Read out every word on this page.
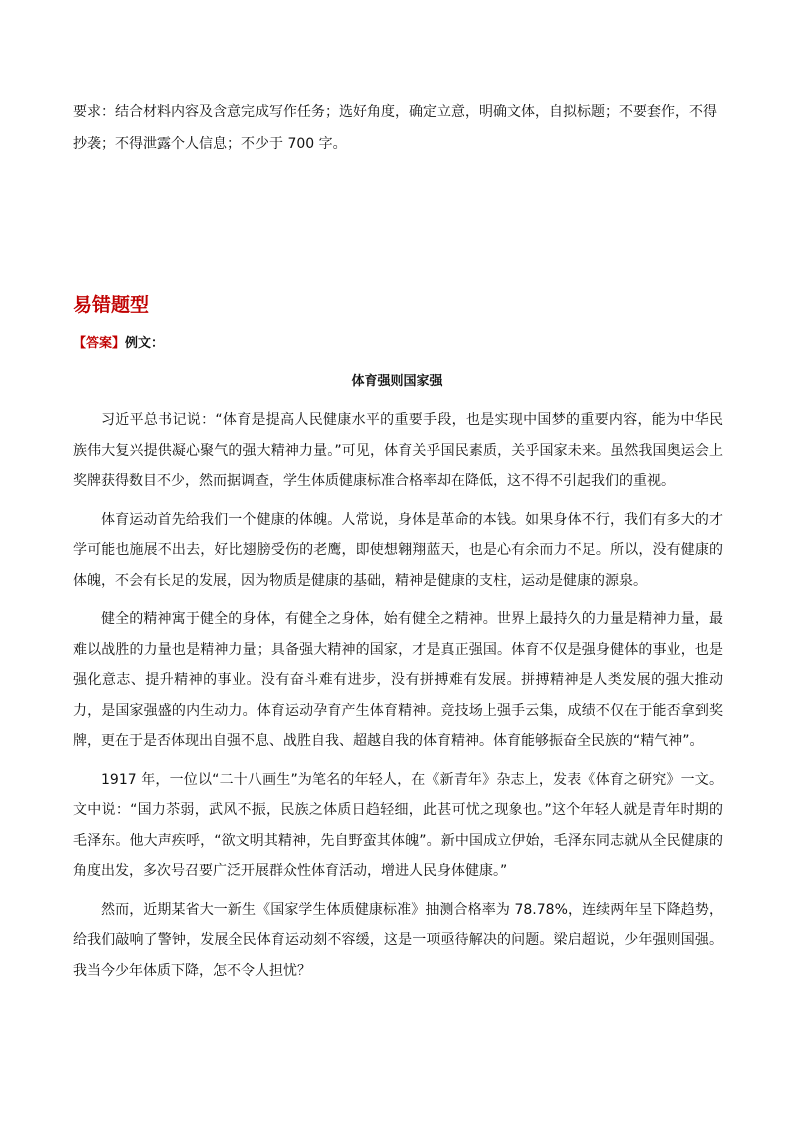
要求：结合材料内容及含意完成写作任务；选好角度，确定立意，明确文体，自拟标题；不要套作，不得抄袭；不得泄露个人信息；不少于 700 字。

易错题型

【答案】例文：

体育强则国家强

习近平总书记说：“体育是提高人民健康水平的重要手段，也是实现中国梦的重要内容，能为中华民族伟大复兴提供凝心聚气的强大精神力量。”可见，体育关乎国民素质，关乎国家未来。虽然我国奥运会上奖牌获得数目不少，然而据调查，学生体质健康标准合格率却在降低，这不得不引起我们的重视。

体育运动首先给我们一个健康的体魄。人常说，身体是革命的本钱。如果身体不行，我们有多大的才学可能也施展不出去，好比翅膀受伤的老鹰，即使想翱翔蓝天，也是心有余而力不足。所以，没有健康的体魄，不会有长足的发展，因为物质是健康的基础，精神是健康的支柱，运动是健康的源泉。

健全的精神寓于健全的身体，有健全之身体，始有健全之精神。世界上最持久的力量是精神力量，最难以战胜的力量也是精神力量；具备强大精神的国家，才是真正强国。体育不仅是强身健体的事业，也是强化意志、提升精神的事业。没有奋斗难有进步，没有拼搏难有发展。拼搏精神是人类发展的强大推动力，是国家强盛的内生动力。体育运动孕育产生体育精神。竞技场上强手云集，成绩不仅在于能否拿到奖牌，更在于是否体现出自强不息、战胜自我、超越自我的体育精神。体育能够振奋全民族的“精气神”。

1917 年，一位以“二十八画生”为笔名的年轻人，在《新青年》杂志上，发表《体育之研究》一文。文中说：“国力苶弱，武风不振，民族之体质日趋轻细，此甚可忧之现象也。”这个年轻人就是青年时期的毛泽东。他大声疾呼，“欲文明其精神，先自野蛮其体魄”。新中国成立伊始，毛泽东同志就从全民健康的角度出发，多次号召要广泛开展群众性体育活动，增进人民身体健康。”

然而，近期某省大一新生《国家学生体质健康标准》抽测合格率为 78.78%，连续两年呈下降趋势，给我们敲响了警钟，发展全民体育运动刻不容缓，这是一项亟待解决的问题。梁启超说，少年强则国强。我当今少年体质下降，怎不令人担忧？
